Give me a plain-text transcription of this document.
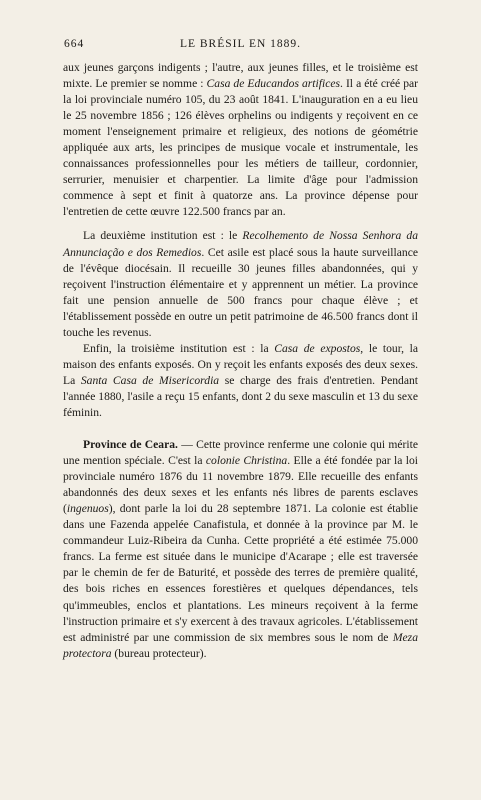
664	LE BRÉSIL EN 1889.

aux jeunes garçons indigents ; l'autre, aux jeunes filles, et le troisième est mixte. Le premier se nomme : Casa de Educandos artifices. Il a été créé par la loi provinciale numéro 105, du 23 août 1841. L'inauguration en a eu lieu le 25 novembre 1856 ; 126 élèves orphelins ou indigents y reçoivent en ce moment l'enseignement primaire et religieux, des notions de géométrie appliquée aux arts, les principes de musique vocale et instrumentale, les connaissances professionnelles pour les métiers de tailleur, cordonnier, serrurier, menuisier et charpentier. La limite d'âge pour l'admission commence à sept et finit à quatorze ans. La province dépense pour l'entretien de cette œuvre 122.500 francs par an.

La deuxième institution est : le Recolhemento de Nossa Senhora da Annunciação e dos Remedios. Cet asile est placé sous la haute surveillance de l'évêque diocésain. Il recueille 30 jeunes filles abandonnées, qui y reçoivent l'instruction élémentaire et y apprennent un métier. La province fait une pension annuelle de 500 francs pour chaque élève ; et l'établissement possède en outre un petit patrimoine de 46.500 francs dont il touche les revenus.

Enfin, la troisième institution est : la Casa de expostos, le tour, la maison des enfants exposés. On y reçoit les enfants exposés des deux sexes. La Santa Casa de Misericordia se charge des frais d'entretien. Pendant l'année 1880, l'asile a reçu 15 enfants, dont 2 du sexe masculin et 13 du sexe féminin.

Province de Ceara. — Cette province renferme une colonie qui mérite une mention spéciale. C'est la colonie Christina. Elle a été fondée par la loi provinciale numéro 1876 du 11 novembre 1879. Elle recueille des enfants abandonnés des deux sexes et les enfants nés libres de parents esclaves (ingenuos), dont parle la loi du 28 septembre 1871. La colonie est établie dans une Fazenda appelée Canafistula, et donnée à la province par M. le commandeur Luiz-Ribeira da Cunha. Cette propriété a été estimée 75.000 francs. La ferme est située dans le municipe d'Acarape ; elle est traversée par le chemin de fer de Baturité, et possède des terres de première qualité, des bois riches en essences forestières et quelques dépendances, tels qu'immeubles, enclos et plantations. Les mineurs reçoivent à la ferme l'instruction primaire et s'y exercent à des travaux agricoles. L'établissement est administré par une commission de six membres sous le nom de Meza protectora (bureau protecteur).
